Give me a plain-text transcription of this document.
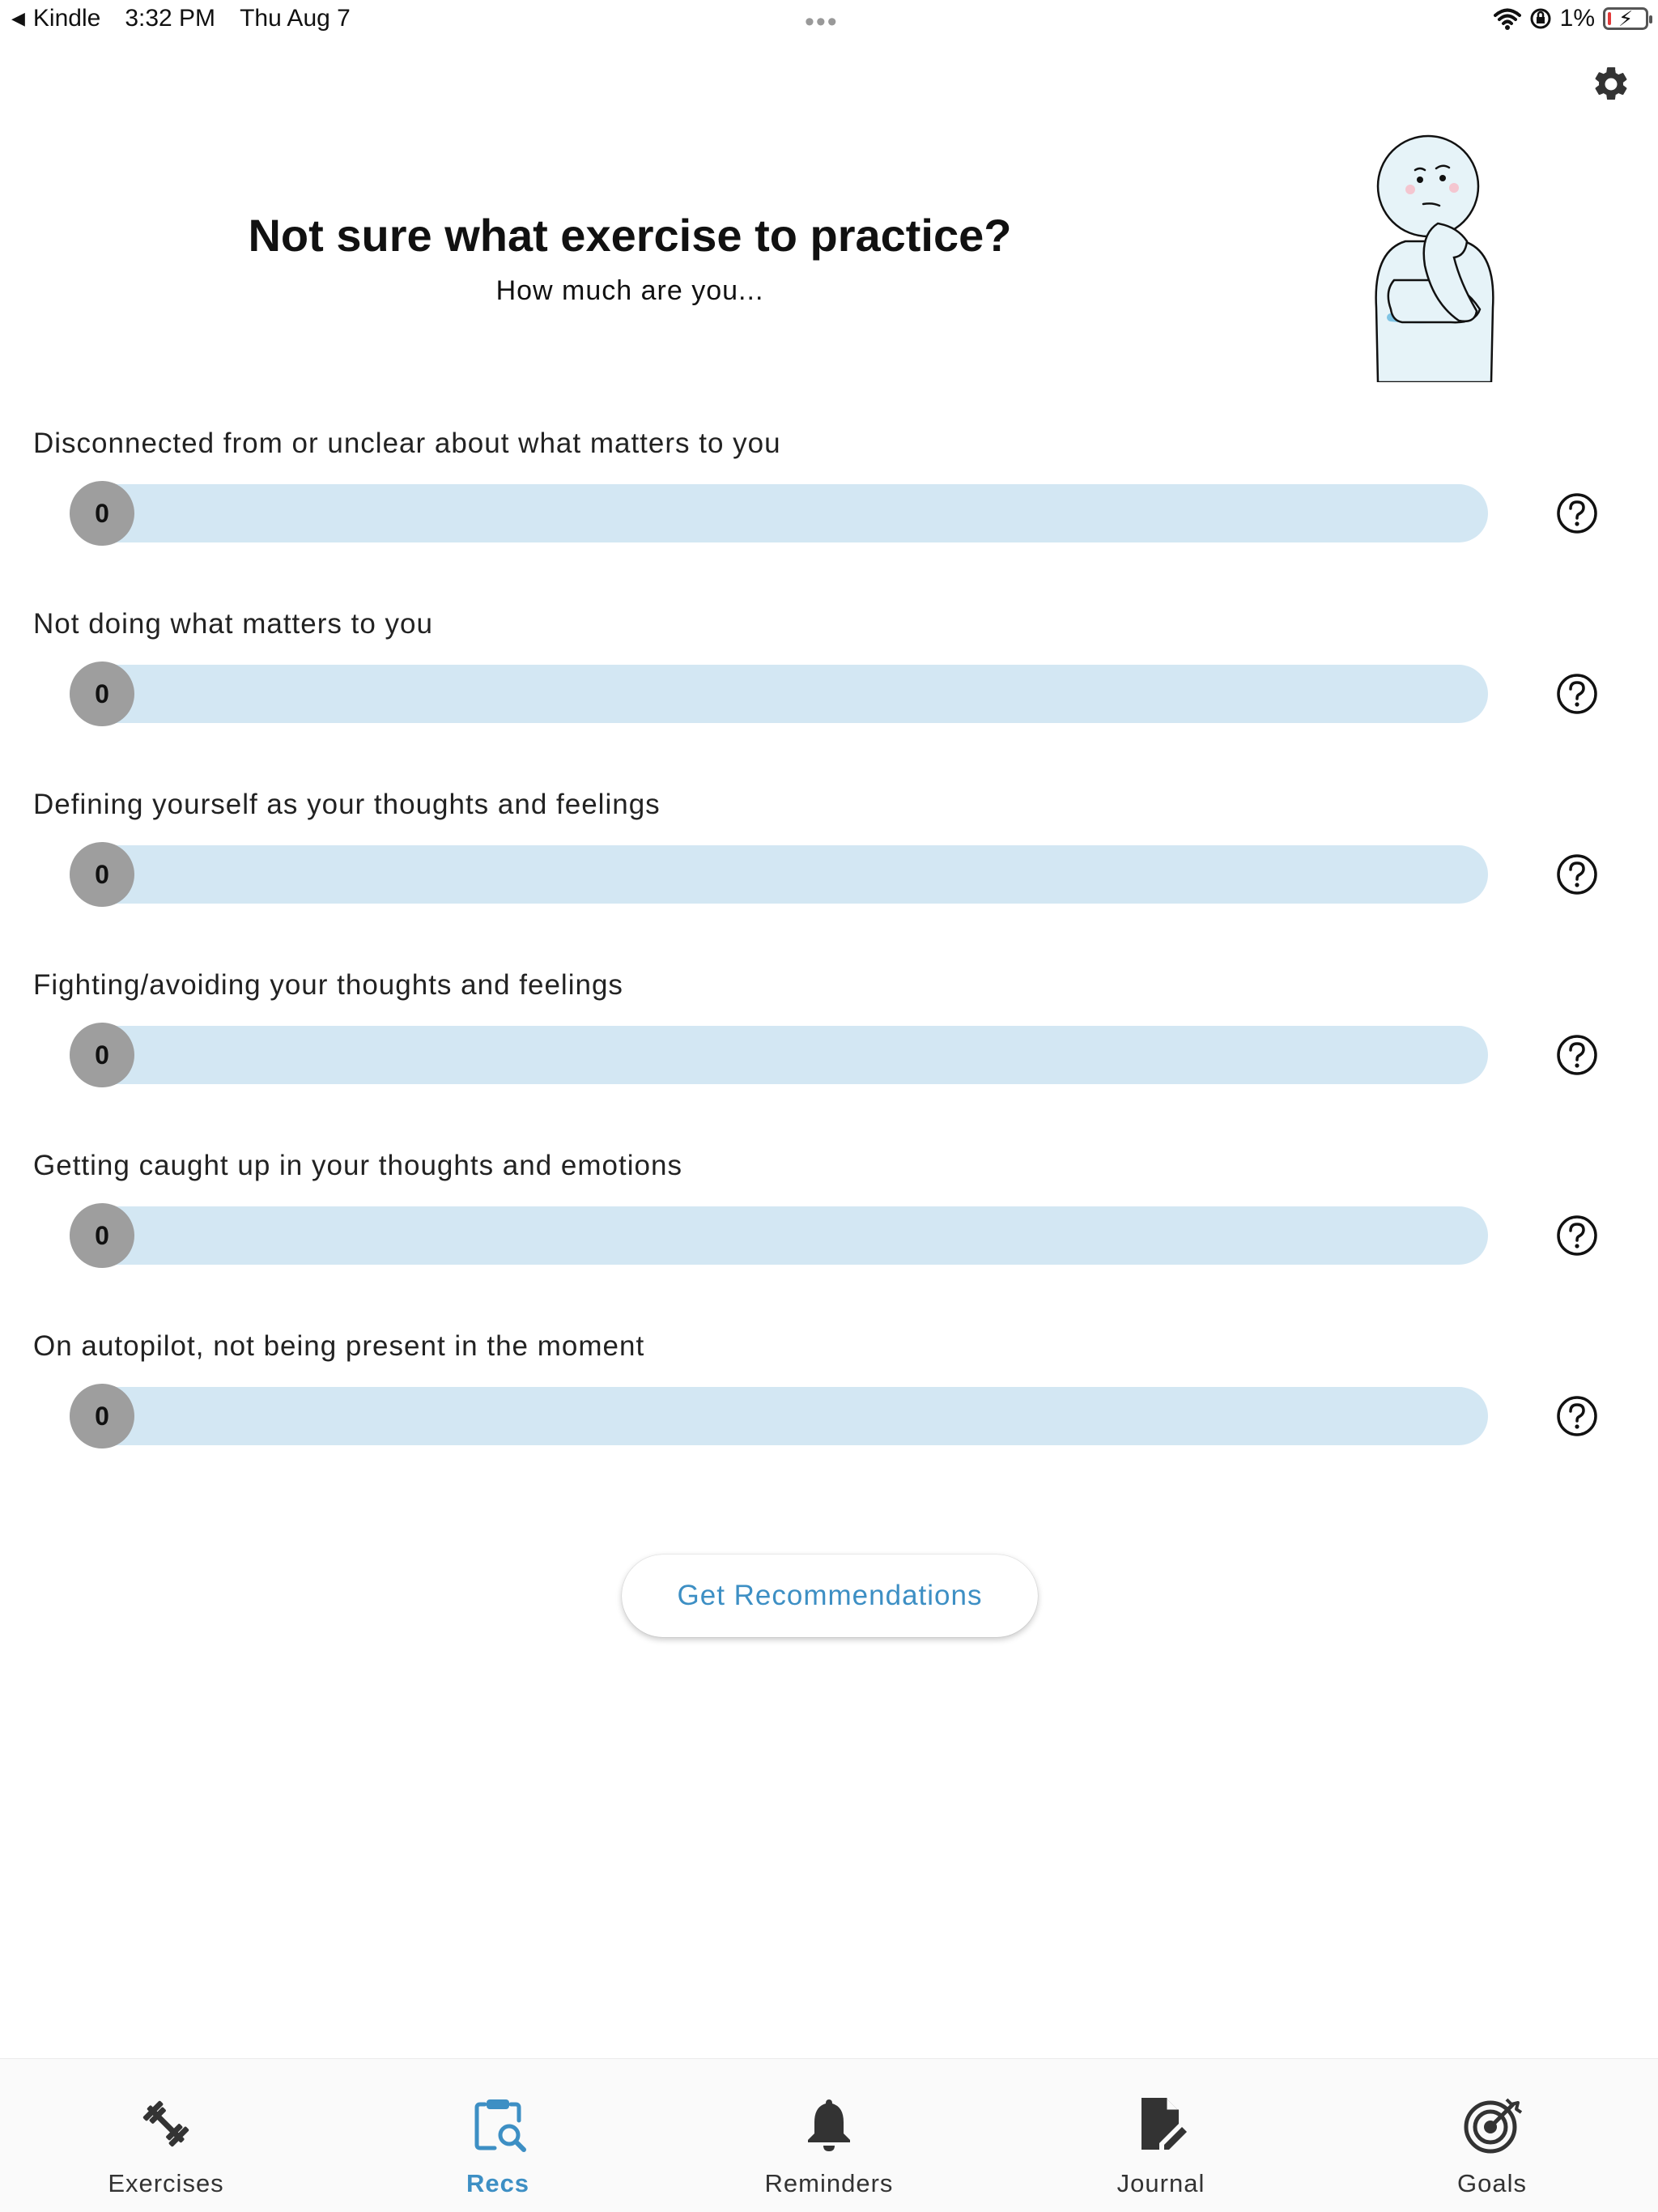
◀ Kindle 3:32 PM Thu Aug 7	•••	1% ⚡
Not sure what exercise to practice?
How much are you...
Disconnected from or unclear about what matters to you
0
Not doing what matters to you
0
Defining yourself as your thoughts and feelings
0
Fighting/avoiding your thoughts and feelings
0
Getting caught up in your thoughts and emotions
0
On autopilot, not being present in the moment
0
Get Recommendations
Exercises	Recs	Reminders	Journal	Goals
